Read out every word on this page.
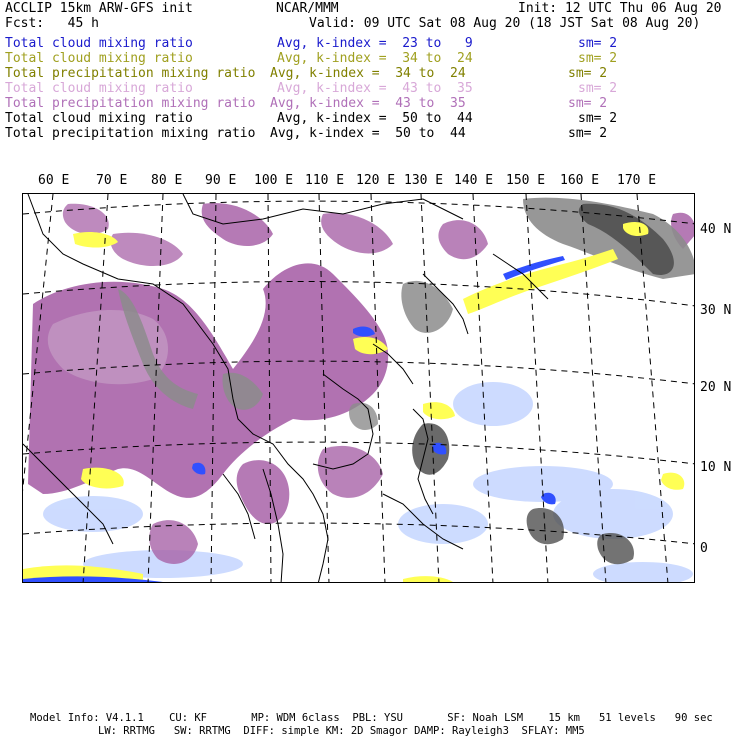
ACCLIP 15km ARW-GFS init	NCAR/MMM	Init: 12 UTC Thu 06 Aug 20
Fcst:   45 h	Valid: 09 UTC Sat 08 Aug 20 (18 JST Sat 08 Aug 20)
Total cloud mixing ratio	Avg, k-index =  23 to   9	sm= 2
Total cloud mixing ratio	Avg, k-index =  34 to  24	sm= 2
Total precipitation mixing ratio Avg, k-index =  34 to  24	sm= 2
Total cloud mixing ratio	Avg, k-index =  43 to  35	sm= 2
Total precipitation mixing ratio Avg, k-index =  43 to  35	sm= 2
Total cloud mixing ratio	Avg, k-index =  50 to  44	sm= 2
Total precipitation mixing ratio Avg, k-index =  50 to  44	sm= 2
60 E 70 E 80 E 90 E 100 E 110 E 120 E 130 E 140 E 150 E 160 E 170 E
40 N
30 N
20 N
10 N
0
Model Info: V4.1.1    CU: KF       MP: WDM 6class  PBL: YSU       SF: Noah LSM    15 km   51 levels   90 sec
LW: RRTMG   SW: RRTMG  DIFF: simple KM: 2D Smagor DAMP: Rayleigh3  SFLAY: MM5
